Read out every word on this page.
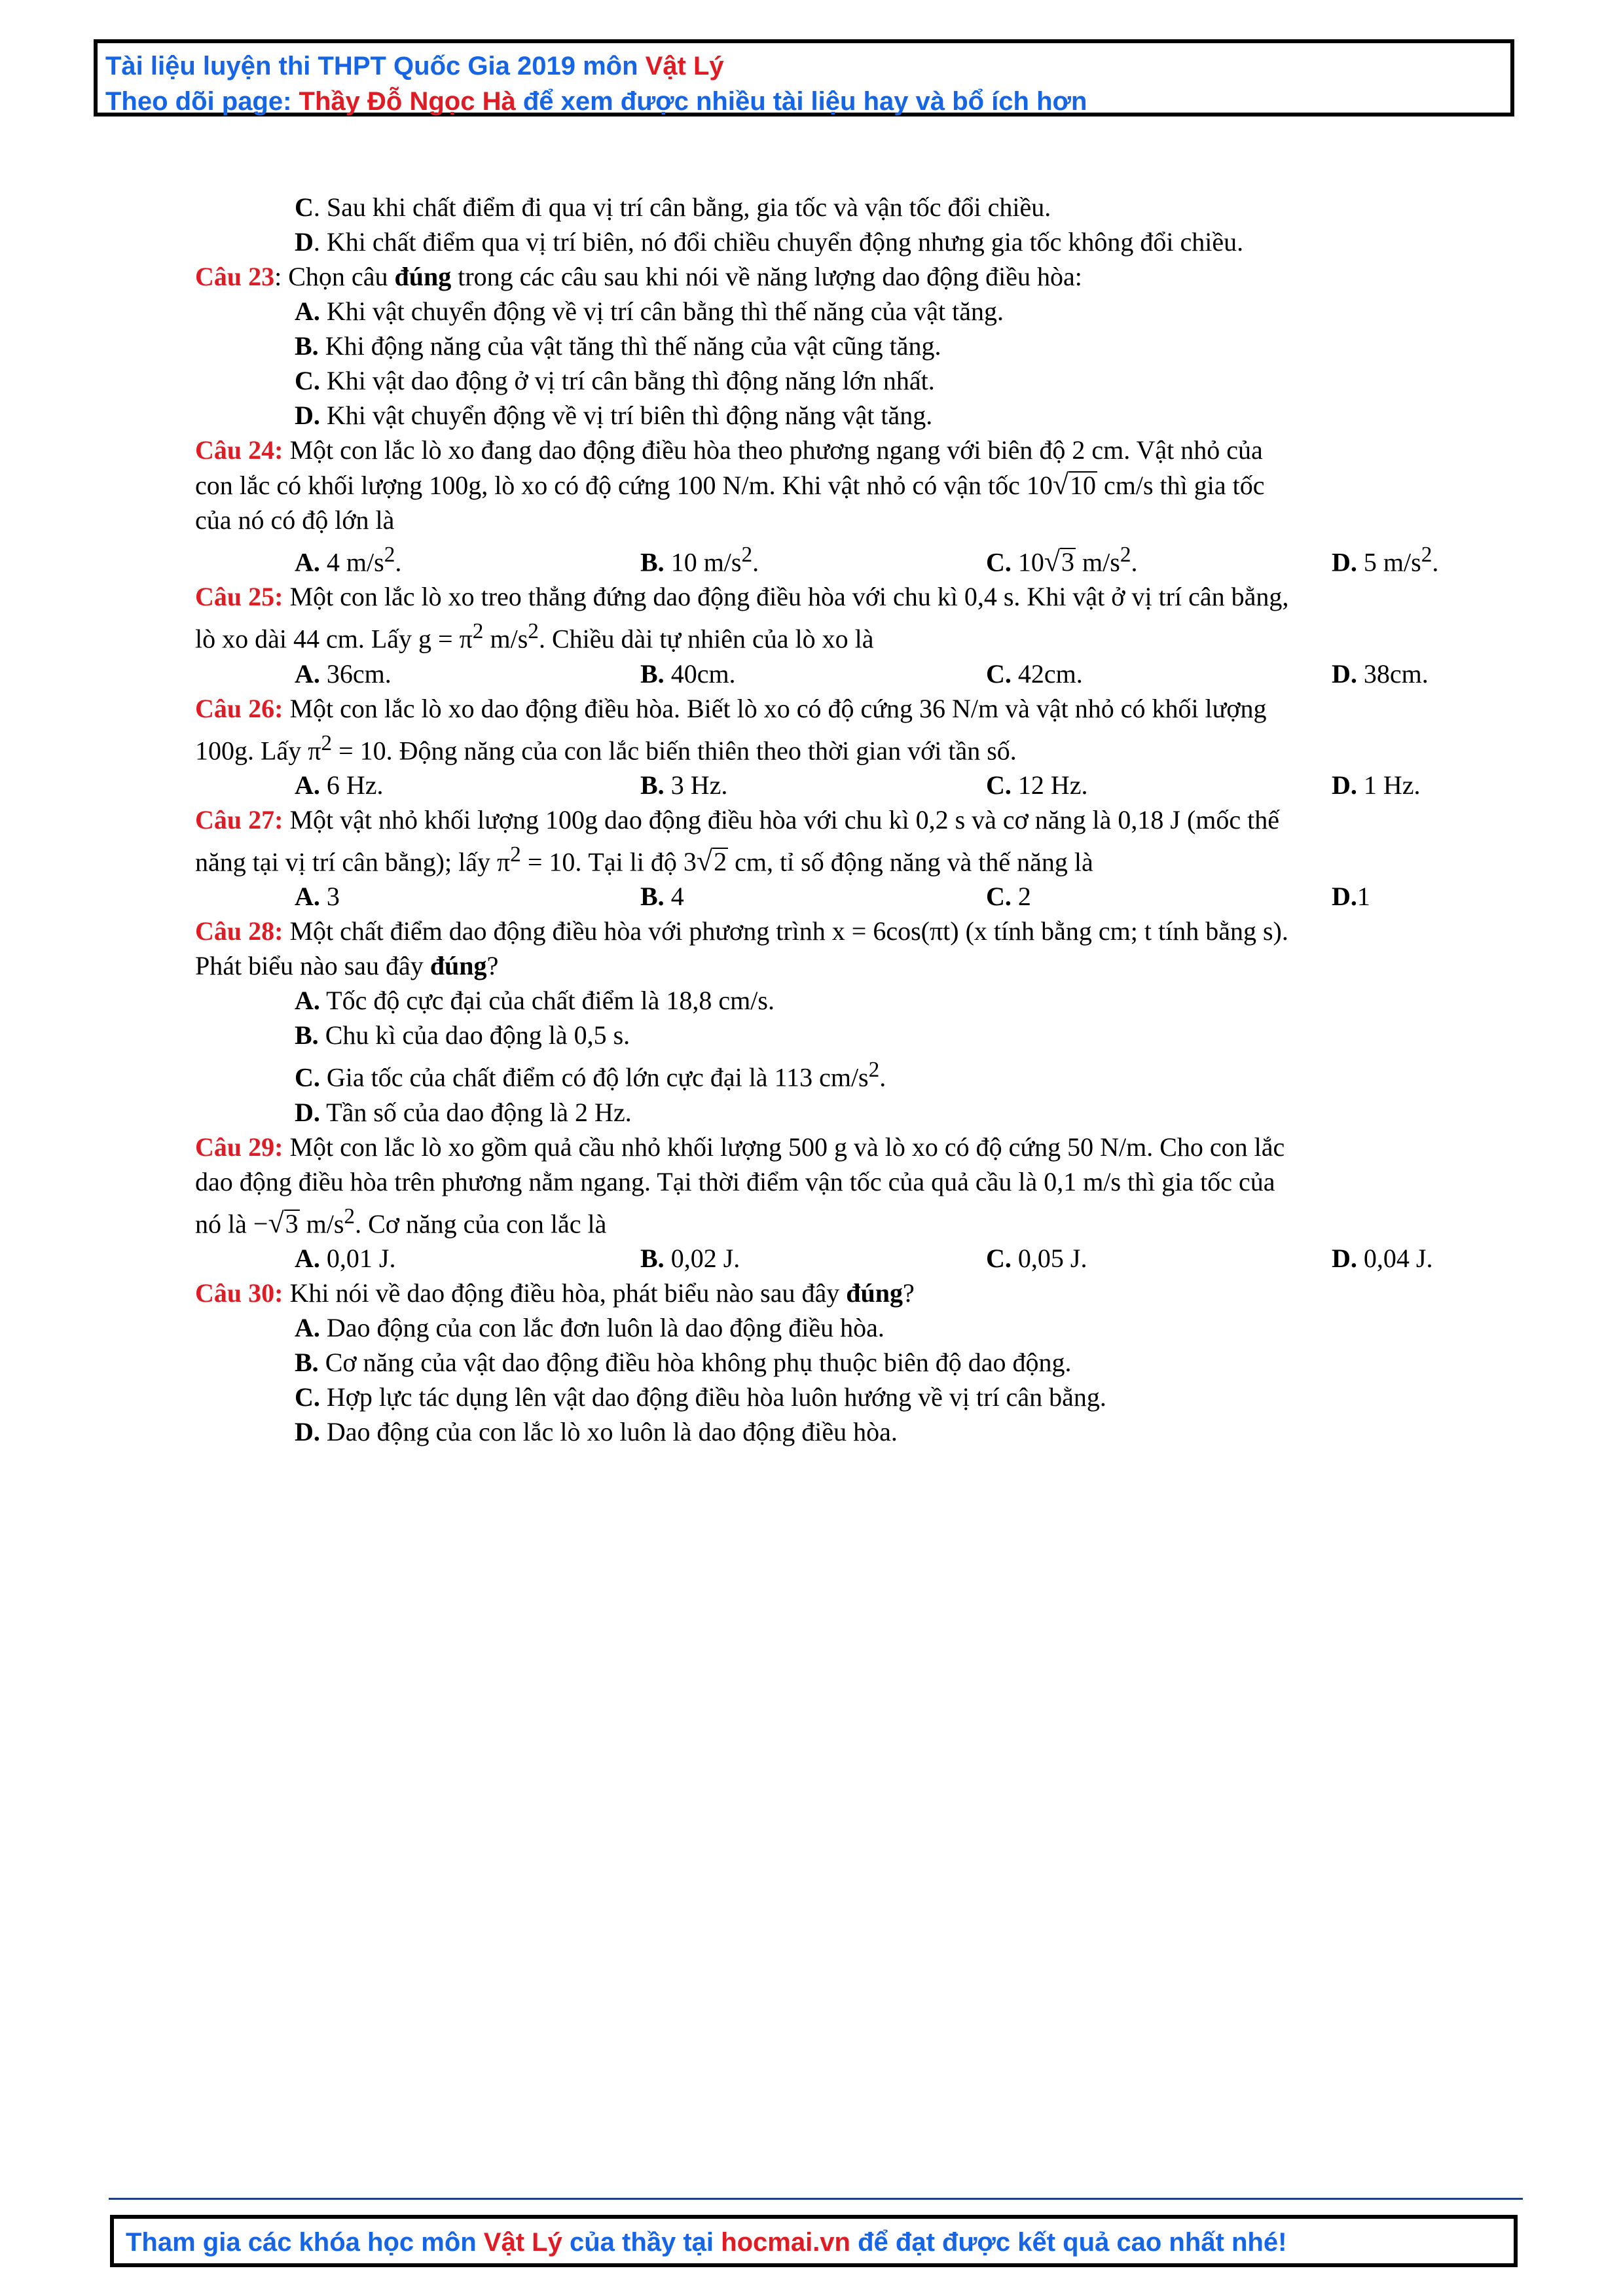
Tài liệu luyện thi THPT Quốc Gia 2019 môn Vật Lý
Theo dõi page: Thầy Đỗ Ngọc Hà để xem được nhiều tài liệu hay và bổ ích hơn
C. Sau khi chất điểm đi qua vị trí cân bằng, gia tốc và vận tốc đổi chiều.
D. Khi chất điểm qua vị trí biên, nó đổi chiều chuyển động nhưng gia tốc không đổi chiều.
Câu 23: Chọn câu đúng trong các câu sau khi nói về năng lượng dao động điều hòa:
A. Khi vật chuyển động về vị trí cân bằng thì thế năng của vật tăng.
B. Khi động năng của vật tăng thì thế năng của vật cũng tăng.
C. Khi vật dao động ở vị trí cân bằng thì động năng lớn nhất.
D. Khi vật chuyển động về vị trí biên thì động năng vật tăng.
Câu 24: Một con lắc lò xo đang dao động điều hòa theo phương ngang với biên độ 2 cm. Vật nhỏ của
con lắc có khối lượng 100g, lò xo có độ cứng 100 N/m. Khi vật nhỏ có vận tốc 10√10 cm/s thì gia tốc
của nó có độ lớn là
A. 4 $m/s^2$.	B. 10 $m/s^2$.	C. 10√3 $m/s^2$.	D. 5 $m/s^2$.
Câu 25: Một con lắc lò xo treo thẳng đứng dao động điều hòa với chu kì 0,4 s. Khi vật ở vị trí cân bằng,
lò xo dài 44 cm. Lấy $g = \pi^2$ $m/s^2$. Chiều dài tự nhiên của lò xo là
A. 36cm.	B. 40cm.	C. 42cm.	D. 38cm.
Câu 26: Một con lắc lò xo dao động điều hòa. Biết lò xo có độ cứng 36 N/m và vật nhỏ có khối lượng
100g. Lấy $\pi^2 = 10$. Động năng của con lắc biến thiên theo thời gian với tần số.
A. 6 Hz.	B. 3 Hz.	C. 12 Hz.	D. 1 Hz.
Câu 27: Một vật nhỏ khối lượng 100g dao động điều hòa với chu kì 0,2 s và cơ năng là 0,18 J (mốc thế
năng tại vị trí cân bằng); lấy $\pi^2 = 10$. Tại li độ 3√2 cm, tỉ số động năng và thế năng là
A. 3	B. 4	C. 2	D.1
Câu 28: Một chất điểm dao động điều hòa với phương trình x = 6cos(πt) (x tính bằng cm; t tính bằng s).
Phát biểu nào sau đây đúng?
A. Tốc độ cực đại của chất điểm là 18,8 cm/s.
B. Chu kì của dao động là 0,5 s.
C. Gia tốc của chất điểm có độ lớn cực đại là 113 $cm/s^2$.
D. Tần số của dao động là 2 Hz.
Câu 29: Một con lắc lò xo gồm quả cầu nhỏ khối lượng 500 g và lò xo có độ cứng 50 N/m. Cho con lắc
dao động điều hòa trên phương nằm ngang. Tại thời điểm vận tốc của quả cầu là 0,1 m/s thì gia tốc của
nó là −√3 $m/s^2$. Cơ năng của con lắc là
A. 0,01 J.	B. 0,02 J.	C. 0,05 J.	D. 0,04 J.
Câu 30: Khi nói về dao động điều hòa, phát biểu nào sau đây đúng?
A. Dao động của con lắc đơn luôn là dao động điều hòa.
B. Cơ năng của vật dao động điều hòa không phụ thuộc biên độ dao động.
C. Hợp lực tác dụng lên vật dao động điều hòa luôn hướng về vị trí cân bằng.
D. Dao động của con lắc lò xo luôn là dao động điều hòa.
Tham gia các khóa học môn Vật Lý của thầy tại hocmai.vn để đạt được kết quả cao nhất nhé!
